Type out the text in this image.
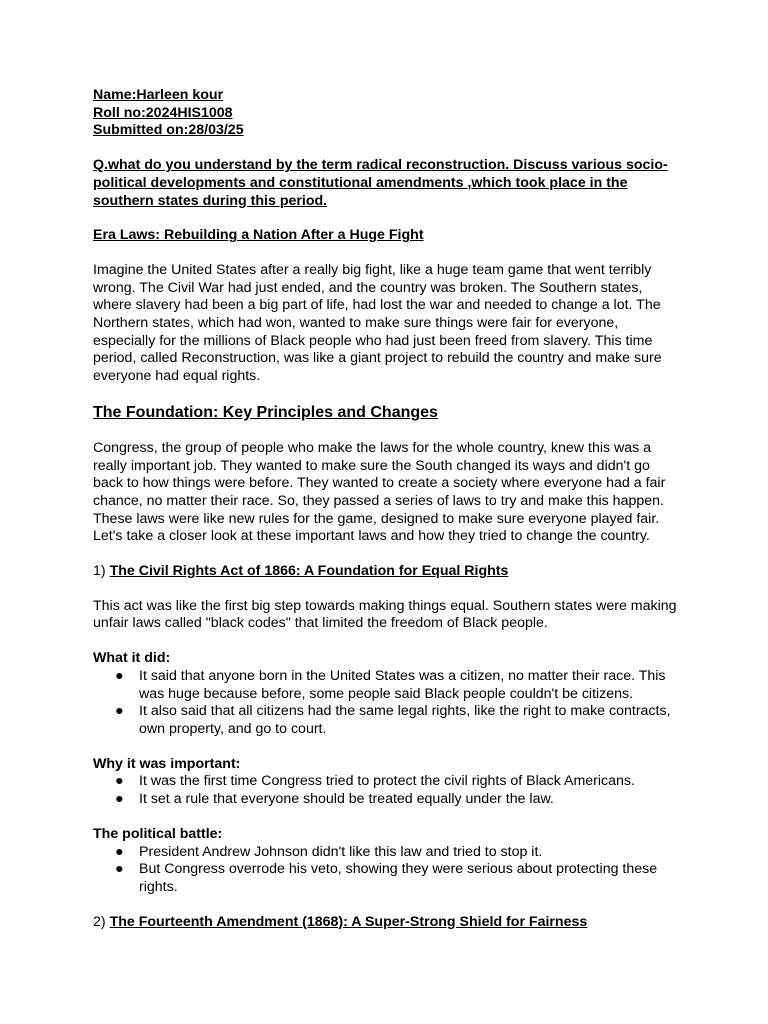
Name:Harleen kour
Roll no:2024HIS1008
Submitted on:28/03/25

Q.what do you understand by the term radical reconstruction. Discuss various socio-political developments and constitutional amendments ,which took place in the southern states during this period.

Era Laws: Rebuilding a Nation After a Huge Fight

Imagine the United States after a really big fight, like a huge team game that went terribly wrong. The Civil War had just ended, and the country was broken. The Southern states, where slavery had been a big part of life, had lost the war and needed to change a lot. The Northern states, which had won, wanted to make sure things were fair for everyone, especially for the millions of Black people who had just been freed from slavery. This time period, called Reconstruction, was like a giant project to rebuild the country and make sure everyone had equal rights.

The Foundation: Key Principles and Changes

Congress, the group of people who make the laws for the whole country, knew this was a really important job. They wanted to make sure the South changed its ways and didn't go back to how things were before. They wanted to create a society where everyone had a fair chance, no matter their race. So, they passed a series of laws to try and make this happen. These laws were like new rules for the game, designed to make sure everyone played fair. Let's take a closer look at these important laws and how they tried to change the country.

1) The Civil Rights Act of 1866: A Foundation for Equal Rights

This act was like the first big step towards making things equal. Southern states were making unfair laws called "black codes" that limited the freedom of Black people.

What it did:
● It said that anyone born in the United States was a citizen, no matter their race. This was huge because before, some people said Black people couldn't be citizens.
● It also said that all citizens had the same legal rights, like the right to make contracts, own property, and go to court.
Why it was important:
● It was the first time Congress tried to protect the civil rights of Black Americans.
● It set a rule that everyone should be treated equally under the law.
The political battle:
● President Andrew Johnson didn't like this law and tried to stop it.
● But Congress overrode his veto, showing they were serious about protecting these rights.
2) The Fourteenth Amendment (1868): A Super-Strong Shield for Fairness
